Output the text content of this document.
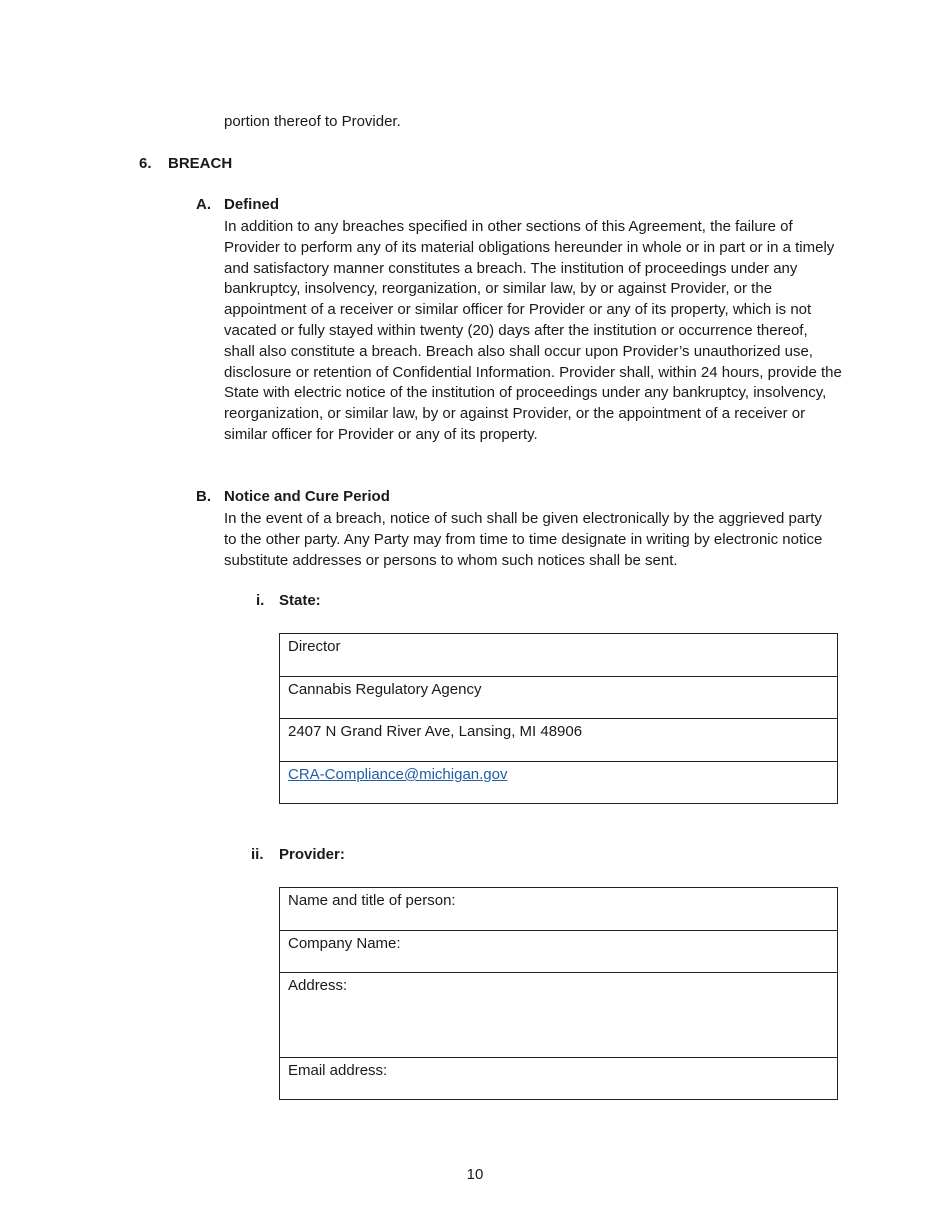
portion thereof to Provider.
6. BREACH
A. Defined
In addition to any breaches specified in other sections of this Agreement, the failure of Provider to perform any of its material obligations hereunder in whole or in part or in a timely and satisfactory manner constitutes a breach. The institution of proceedings under any bankruptcy, insolvency, reorganization, or similar law, by or against Provider, or the appointment of a receiver or similar officer for Provider or any of its property, which is not vacated or fully stayed within twenty (20) days after the institution or occurrence thereof, shall also constitute a breach. Breach also shall occur upon Provider’s unauthorized use, disclosure or retention of Confidential Information. Provider shall, within 24 hours, provide the State with electric notice of the institution of proceedings under any bankruptcy, insolvency, reorganization, or similar law, by or against Provider, or the appointment of a receiver or similar officer for Provider or any of its property.
B. Notice and Cure Period
In the event of a breach, notice of such shall be given electronically by the aggrieved party to the other party. Any Party may from time to time designate in writing by electronic notice substitute addresses or persons to whom such notices shall be sent.
i. State:
Director
Cannabis Regulatory Agency
2407 N Grand River Ave, Lansing, MI 48906
CRA-Compliance@michigan.gov
ii. Provider:
Name and title of person:
Company Name:
Address:
Email address:
10
